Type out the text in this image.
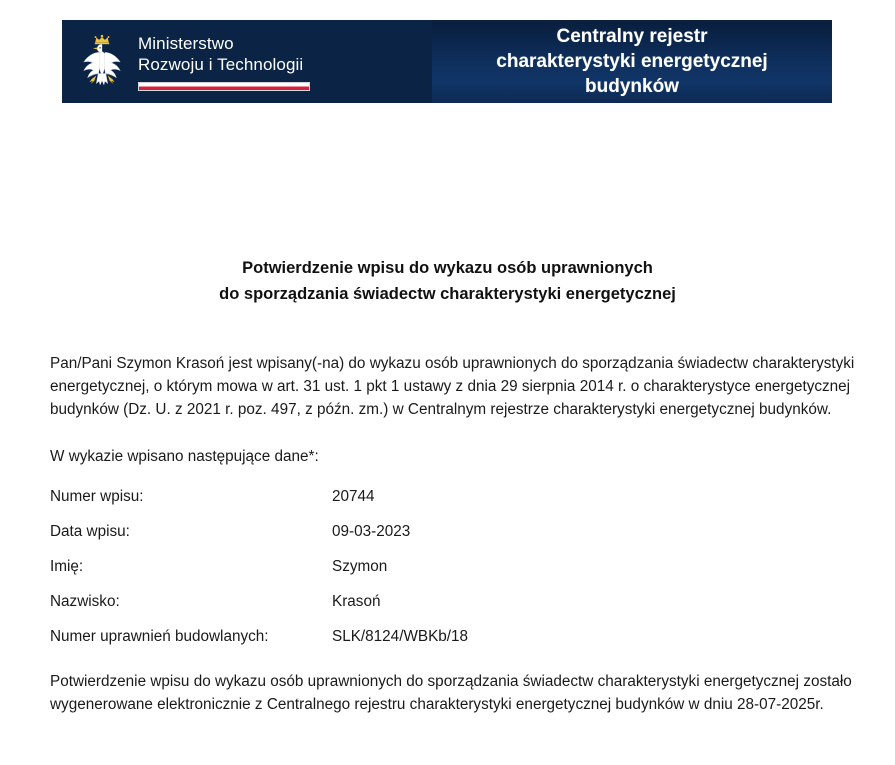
Ministerstwo
Rozwoju i Technologii
Centralny rejestr
charakterystyki energetycznej
budynków
Potwierdzenie wpisu do wykazu osób uprawnionych
do sporządzania świadectw charakterystyki energetycznej
Pan/Pani Szymon Krasoń jest wpisany(-na) do wykazu osób uprawnionych do sporządzania świadectw charakterystyki energetycznej, o którym mowa w art. 31 ust. 1 pkt 1 ustawy z dnia 29 sierpnia 2014 r. o charakterystyce energetycznej budynków (Dz. U. z 2021 r. poz. 497, z późn. zm.) w Centralnym rejestrze charakterystyki energetycznej budynków.
W wykazie wpisano następujące dane*:
Numer wpisu:	20744
Data wpisu:	09-03-2023
Imię:	Szymon
Nazwisko:	Krasoń
Numer uprawnień budowlanych:	SLK/8124/WBKb/18
Potwierdzenie wpisu do wykazu osób uprawnionych do sporządzania świadectw charakterystyki energetycznej zostało wygenerowane elektronicznie z Centralnego rejestru charakterystyki energetycznej budynków w dniu 28-07-2025r.
